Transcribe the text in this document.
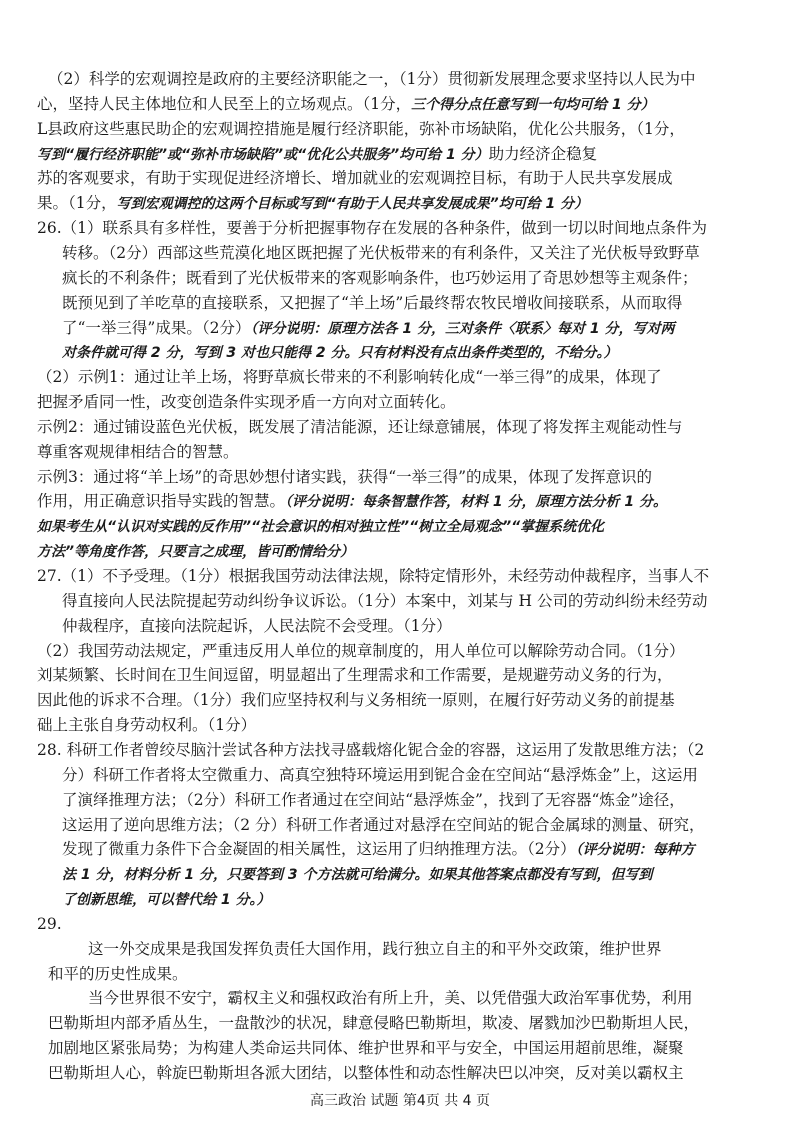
高三政治 试题 第4页 共 4 页
（2）科学的宏观调控是政府的主要经济职能之一，（1分）贯彻新发展理念要求坚持以人民为中
心，坚持人民主体地位和人民至上的立场观点。（1分，三个得分点任意写到一句均可给 1 分）
L县政府这些惠民助企的宏观调控措施是履行经济职能，弥补市场缺陷，优化公共服务，（1分，
写到“履行经济职能”或“弥补市场缺陷”或“优化公共服务”均可给 1 分）助力经济企稳复
苏的客观要求，有助于实现促进经济增长、增加就业的宏观调控目标，有助于人民共享发展成
果。（1分，写到宏观调控的这两个目标或写到“有助于人民共享发展成果”均可给 1 分）
26.（1）联系具有多样性，要善于分析把握事物存在发展的各种条件，做到一切以时间地点条件为
转移。（2分）西部这些荒漠化地区既把握了光伏板带来的有利条件，又关注了光伏板导致野草
疯长的不利条件；既看到了光伏板带来的客观影响条件，也巧妙运用了奇思妙想等主观条件；
既预见到了羊吃草的直接联系，又把握了“羊上场”后最终帮农牧民增收间接联系，从而取得
了“一举三得”成果。（2分）（评分说明：原理方法各 1 分，三对条件〈联系〉每对 1 分，写对两
对条件就可得 2 分，写到 3 对也只能得 2 分。只有材料没有点出条件类型的，不给分。）
（2）示例1：通过让羊上场，将野草疯长带来的不利影响转化成“一举三得”的成果，体现了
把握矛盾同一性，改变创造条件实现矛盾一方向对立面转化。
示例2：通过铺设蓝色光伏板，既发展了清洁能源，还让绿意铺展，体现了将发挥主观能动性与
尊重客观规律相结合的智慧。
示例3：通过将“羊上场”的奇思妙想付诸实践，获得“一举三得”的成果，体现了发挥意识的
作用，用正确意识指导实践的智慧。（评分说明：每条智慧作答，材料 1 分，原理方法分析 1 分。
如果考生从“认识对实践的反作用”“社会意识的相对独立性”“树立全局观念”“掌握系统优化
方法”等角度作答，只要言之成理，皆可酌情给分）
27.（1）不予受理。（1分）根据我国劳动法律法规，除特定情形外，未经劳动仲裁程序，当事人不
得直接向人民法院提起劳动纠纷争议诉讼。（1分）本案中，刘某与 H 公司的劳动纠纷未经劳动
仲裁程序，直接向法院起诉，人民法院不会受理。（1分）
（2）我国劳动法规定，严重违反用人单位的规章制度的，用人单位可以解除劳动合同。（1分）
刘某频繁、长时间在卫生间逗留，明显超出了生理需求和工作需要，是规避劳动义务的行为，
因此他的诉求不合理。（1分）我们应坚持权利与义务相统一原则，在履行好劳动义务的前提基
础上主张自身劳动权利。（1分）
28. 科研工作者曾绞尽脑汁尝试各种方法找寻盛载熔化铌合金的容器，这运用了发散思维方法；（2
分）科研工作者将太空微重力、高真空独特环境运用到铌合金在空间站“悬浮炼金”上，这运用
了演绎推理方法；（2分）科研工作者通过在空间站“悬浮炼金”，找到了无容器“炼金”途径，
这运用了逆向思维方法；（2 分）科研工作者通过对悬浮在空间站的铌合金属球的测量、研究，
发现了微重力条件下合金凝固的相关属性，这运用了归纳推理方法。（2分）（评分说明：每种方
法 1 分，材料分析 1 分，只要答到 3 个方法就可给满分。如果其他答案点都没有写到，但写到
了创新思维，可以替代给 1 分。）
29.
这一外交成果是我国发挥负责任大国作用，践行独立自主的和平外交政策，维护世界
和平的历史性成果。
当今世界很不安宁，霸权主义和强权政治有所上升，美、以凭借强大政治军事优势，利用
巴勒斯坦内部矛盾丛生，一盘散沙的状况，肆意侵略巴勒斯坦，欺凌、屠戮加沙巴勒斯坦人民，
加剧地区紧张局势；为构建人类命运共同体、维护世界和平与安全，中国运用超前思维，凝聚
巴勒斯坦人心，斡旋巴勒斯坦各派大团结，以整体性和动态性解决巴以冲突，反对美以霸权主
